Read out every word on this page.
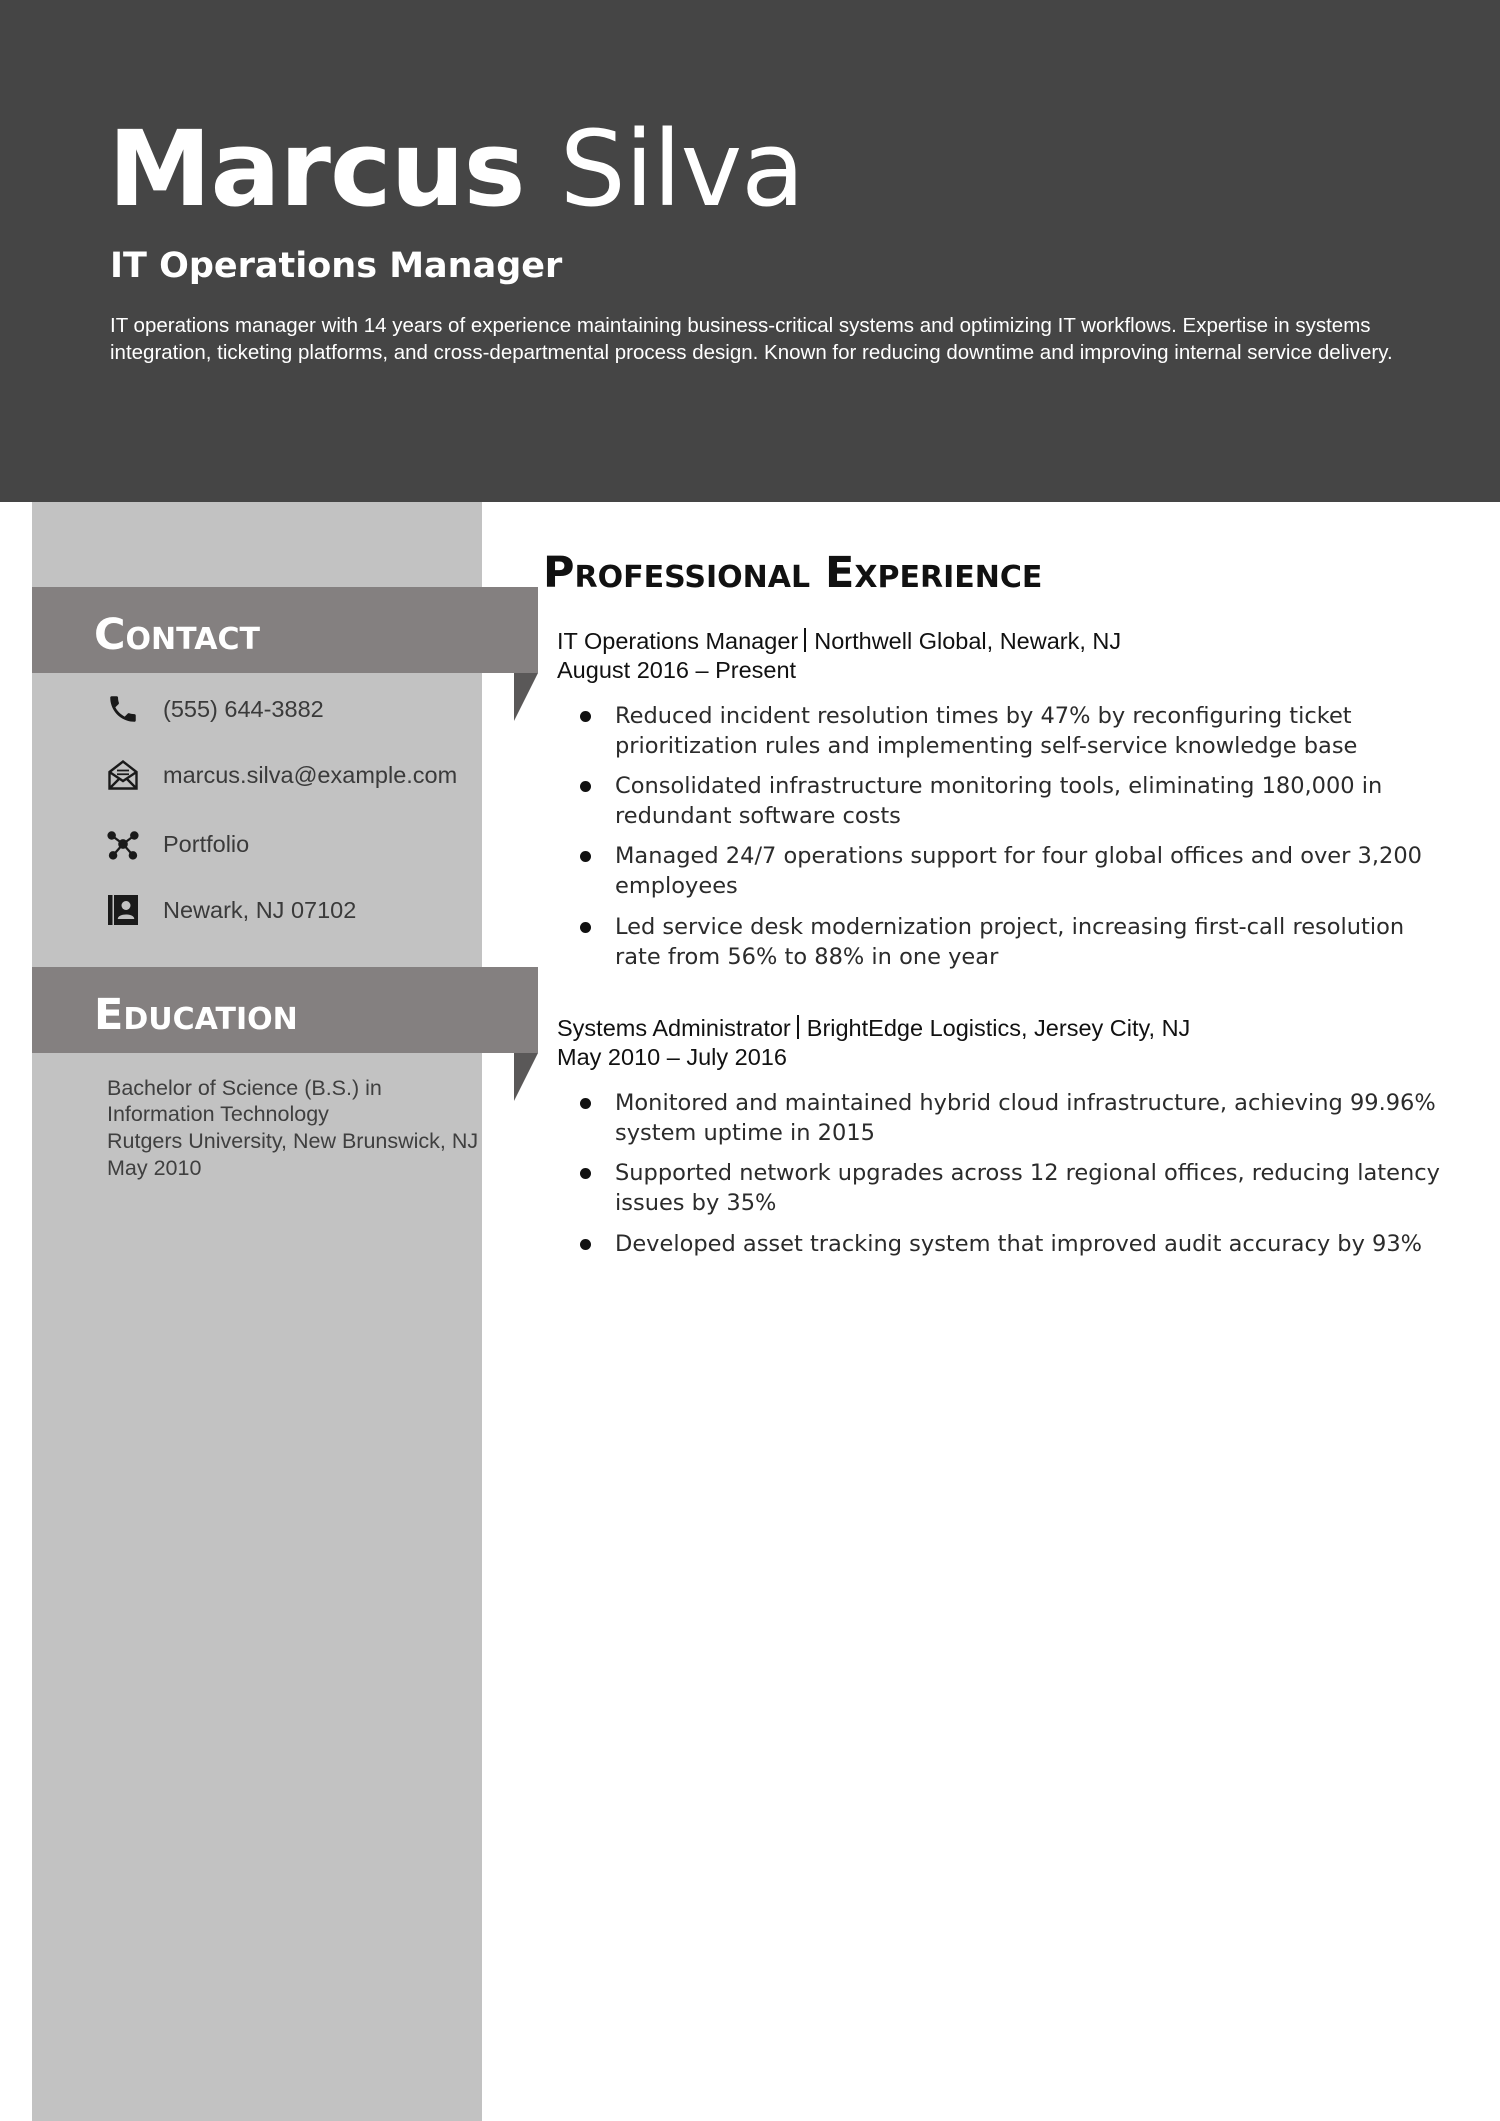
Marcus Silva
IT Operations Manager

IT operations manager with 14 years of experience maintaining business-critical systems and optimizing IT workflows. Expertise in systems integration, ticketing platforms, and cross-departmental process design. Known for reducing downtime and improving internal service delivery.

Contact
(555) 644-3882
marcus.silva@example.com
Portfolio
Newark, NJ 07102
Education
Bachelor of Science (B.S.) in
Information Technology
Rutgers University, New Brunswick, NJ
May 2010
Professional Experience
IT Operations Manager Northwell Global, Newark, NJ
August 2016 – Present
Reduced incident resolution times by 47% by reconfiguring ticket prioritization rules and implementing self-service knowledge base
Consolidated infrastructure monitoring tools, eliminating 180,000 in redundant software costs
Managed 24/7 operations support for four global offices and over 3,200 employees
Led service desk modernization project, increasing first-call resolution rate from 56% to 88% in one year
Systems Administrator BrightEdge Logistics, Jersey City, NJ
May 2010 – July 2016
Monitored and maintained hybrid cloud infrastructure, achieving 99.96% system uptime in 2015
Supported network upgrades across 12 regional offices, reducing latency issues by 35%
Developed asset tracking system that improved audit accuracy by 93%
